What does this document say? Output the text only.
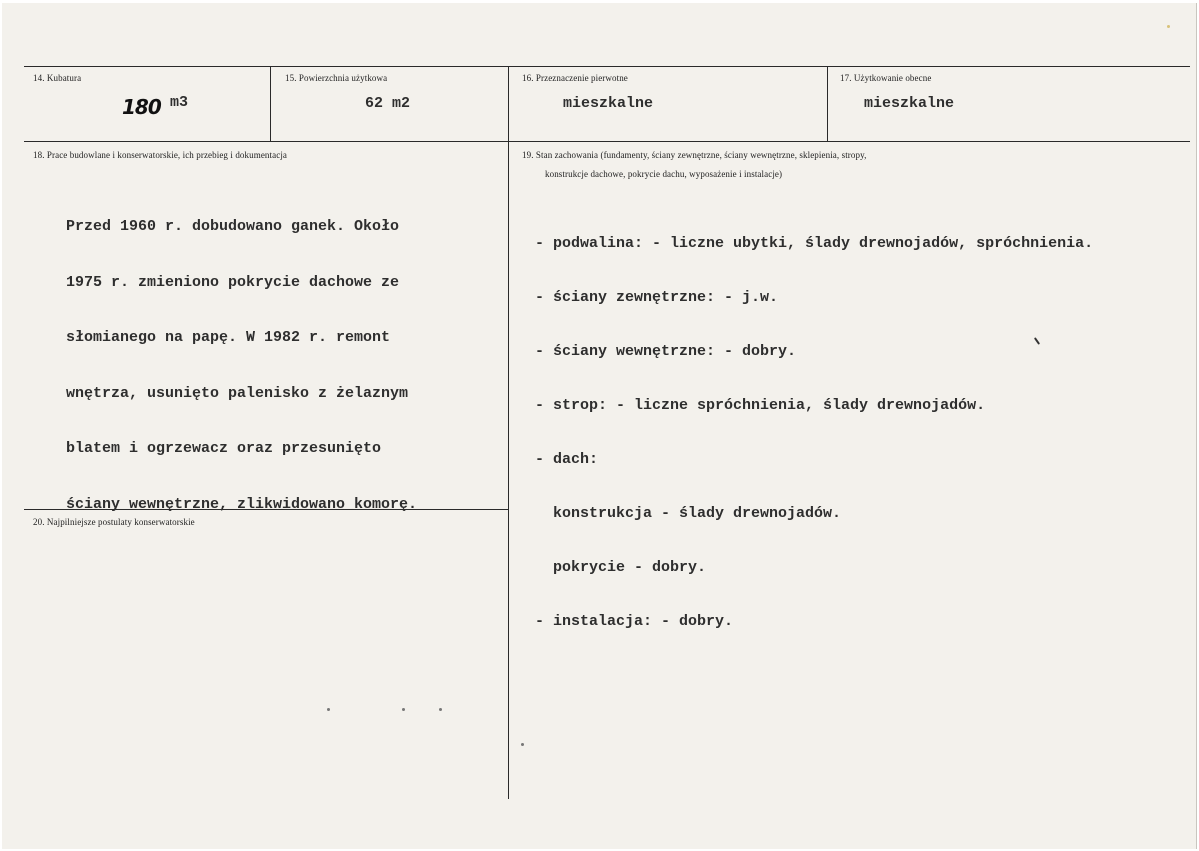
14. Kubatura
180 m3
15. Powierzchnia użytkowa
62 m2
16. Przeznaczenie pierwotne
mieszkalne
17. Użytkowanie obecne
mieszkalne
18. Prace budowlane i konserwatorskie, ich przebieg i dokumentacja

Przed 1960 r. dobudowano ganek. Około

1975 r. zmieniono pokrycie dachowe ze

słomianego na papę. W 1982 r. remont

wnętrza, usunięto palenisko z żelaznym

blatem i ogrzewacz oraz przesunięto

ściany wewnętrzne, zlikwidowano komorę.

19. Stan zachowania (fundamenty, ściany zewnętrzne, ściany wewnętrzne, sklepienia, stropy,
konstrukcje dachowe, pokrycie dachu, wyposażenie i instalacje)

- podwalina: - liczne ubytki, ślady drewnojadów, spróchnienia.

- ściany zewnętrzne: - j.w.

- ściany wewnętrzne: - dobry.

- strop: - liczne spróchnienia, ślady drewnojadów.

- dach:

konstrukcja - ślady drewnojadów.

pokrycie - dobry.

- instalacja: - dobry.

20. Najpilniejsze postulaty konserwatorskie
